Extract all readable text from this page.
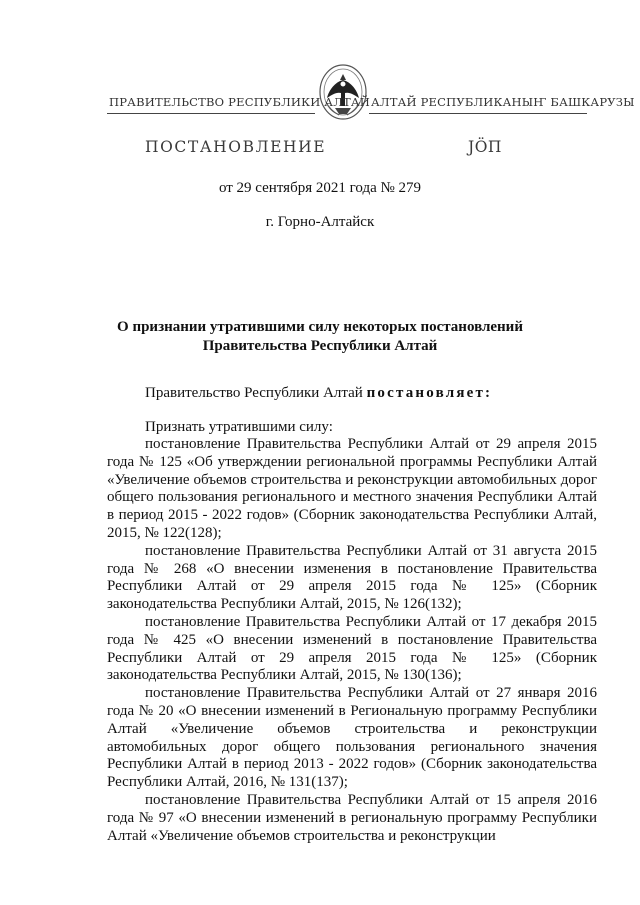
ПРАВИТЕЛЬСТВО РЕСПУБЛИКИ АЛТАЙ АЛТАЙ РЕСПУБЛИКАНЫҤ БАШКАРУЗЫ
ПОСТАНОВЛЕНИЕ	ЈӦП
от 29 сентября 2021 года № 279
г. Горно-Алтайск
О признании утратившими силу некоторых постановлений
Правительства Республики Алтай
Правительство Республики Алтай постановляет:
Признать утратившими силу:

постановление Правительства Республики Алтай от 29 апреля 2015 года № 125 «Об утверждении региональной программы Республики Алтай «Увеличение объемов строительства и реконструкции автомобильных дорог общего пользования регионального и местного значения Республики Алтай в период 2015 - 2022 годов» (Сборник законодательства Республики Алтай, 2015, № 122(128);

постановление Правительства Республики Алтай от 31 августа 2015 года № 268 «О внесении изменения в постановление Правительства Республики Алтай от 29 апреля 2015 года № 125» (Сборник законодательства Республики Алтай, 2015, № 126(132);

постановление Правительства Республики Алтай от 17 декабря 2015 года № 425 «О внесении изменений в постановление Правительства Республики Алтай от 29 апреля 2015 года № 125» (Сборник законодательства Республики Алтай, 2015, № 130(136);

постановление Правительства Республики Алтай от 27 января 2016 года № 20 «О внесении изменений в Региональную программу Республики Алтай «Увеличение объемов строительства и реконструкции автомобильных дорог общего пользования регионального значения Республики Алтай в период 2013 - 2022 годов» (Сборник законодательства Республики Алтай, 2016, № 131(137);

постановление Правительства Республики Алтай от 15 апреля 2016 года № 97 «О внесении изменений в региональную программу Республики Алтай «Увеличение объемов строительства и реконструкции
